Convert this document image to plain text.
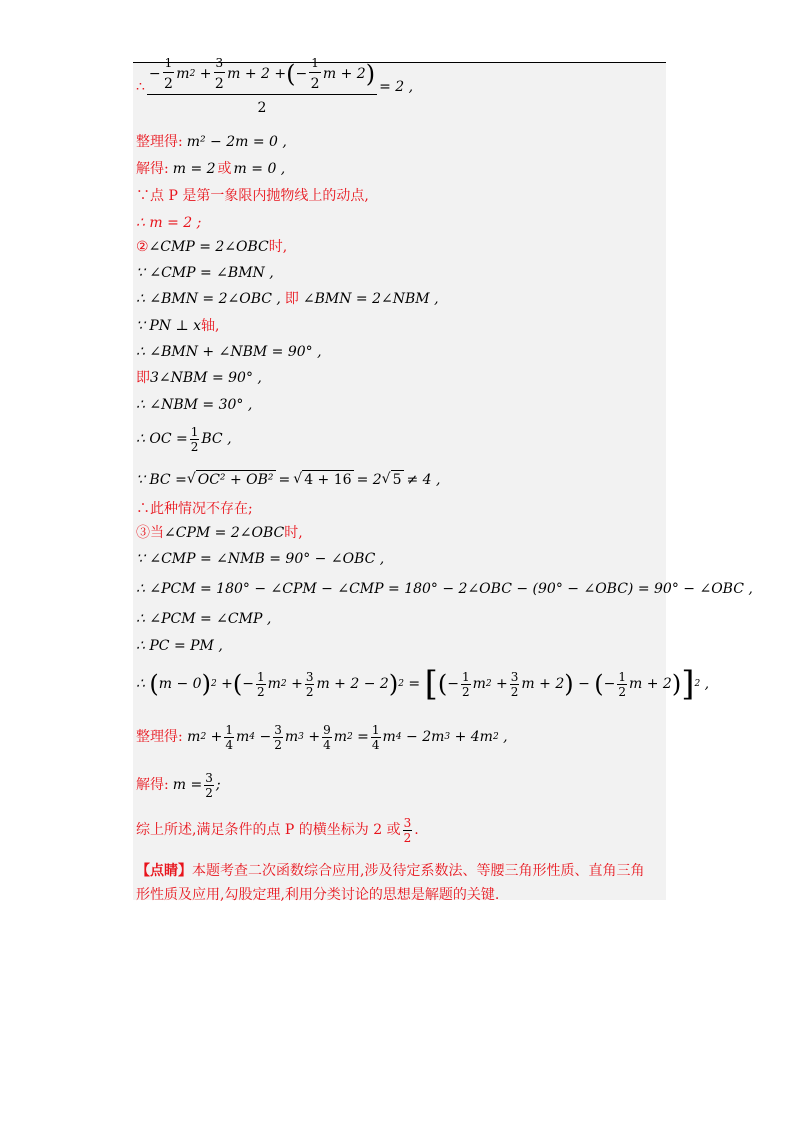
∴ $\frac{- \frac{1}{2} m 2 + \frac{3}{2} m + 2 + ( - \frac{1}{2} m + 2 )}{2} = 2$ ,
整理得: m² − 2m = 0 ,
解得: m = 2 或 m = 0 ,
∵点 P 是第一象限内抛物线上的动点,
∴ m = 2 ;
② ∠CMP = 2∠OBC 时,
∵ ∠CMP = ∠BMN ,
∴ ∠BMN = 2∠OBC , 即 ∠BMN = 2∠NBM ,
∵ PN ⊥ x 轴,
∴ ∠BMN + ∠NBM = 90° ,
即 3∠NBM = 90° ,
∴ ∠NBM = 30° ,
∴ OC = $\frac{1}{2}$ BC ,
∵ BC = √ OC² + OB² = √ 4 + 16 = 2 √ 5 ≠ 4 ,
∴此种情况不存在;
③当 ∠CPM = 2∠OBC 时,
∵ ∠CMP = ∠NMB = 90° − ∠OBC ,
∴ ∠PCM = 180° − ∠CPM − ∠CMP = 180° − 2∠OBC − (90° − ∠OBC) = 90° − ∠OBC ,
∴ ∠PCM = ∠CMP ,
∴ PC = PM ,
∴ ( m − 0 ) 2 + ( − $\frac{1}{2}$ m $2 + \frac{3}{2}$ m + 2 − 2 ) 2 = [ ( − $\frac{1}{2}$ m $2 + \frac{3}{2}$ m + 2 ) − ( − $\frac{1}{2}$ m + 2 ) ] 2 ,
整理得: m $2 + \frac{1}{4}$ m $4 - \frac{3}{2}$ m $3 + \frac{9}{4}$ m $2 = \frac{1}{4}$ m 4 − 2m 3 + 4m 2 ,
解得: $m = \frac{3}{2}$ ;
综上所述,满足条件的点 P 的横坐标为 2 或 $\frac{3}{2}$ .
【点睛】 本题考查二次函数综合应用,涉及待定系数法、等腰三角形性质、直角三角
形性质及应用,勾股定理,利用分类讨论的思想是解题的关键.
